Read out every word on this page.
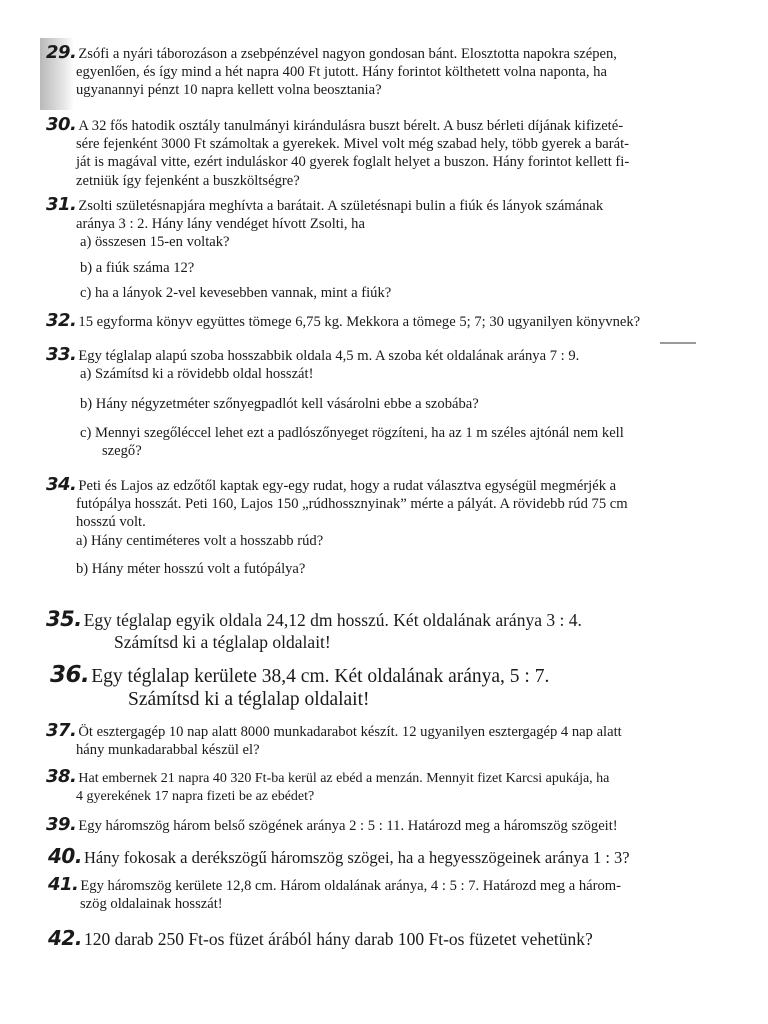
29. Zsófi a nyári táborozáson a zsebpénzével nagyon gondosan bánt. Elosztotta napokra szépen,
egyenlően, és így mind a hét napra 400 Ft jutott. Hány forintot költhetett volna naponta, ha
ugyanannyi pénzt 10 napra kellett volna beosztania?
30. A 32 fős hatodik osztály tanulmányi kirándulásra buszt bérelt. A busz bérleti díjának kifizeté-
sére fejenként 3000 Ft számoltak a gyerekek. Mivel volt még szabad hely, több gyerek a barát-
ját is magával vitte, ezért induláskor 40 gyerek foglalt helyet a buszon. Hány forintot kellett fi-
zetniük így fejenként a buszköltségre?
31. Zsolti születésnapjára meghívta a barátait. A születésnapi bulin a fiúk és lányok számának
aránya 3 : 2. Hány lány vendéget hívott Zsolti, ha
a) összesen 15-en voltak?
b) a fiúk száma 12?
c) ha a lányok 2-vel kevesebben vannak, mint a fiúk?
32. 15 egyforma könyv együttes tömege 6,75 kg. Mekkora a tömege 5; 7; 30 ugyanilyen könyvnek?
33. Egy téglalap alapú szoba hosszabbik oldala 4,5 m. A szoba két oldalának aránya 7 : 9.
a) Számítsd ki a rövidebb oldal hosszát!
b) Hány négyzetméter szőnyegpadlót kell vásárolni ebbe a szobába?
c) Mennyi szegőléccel lehet ezt a padlószőnyeget rögzíteni, ha az 1 m széles ajtónál nem kell
szegő?
34. Peti és Lajos az edzőtől kaptak egy-egy rudat, hogy a rudat választva egységül megmérjék a
futópálya hosszát. Peti 160, Lajos 150 „rúdhossznyinak” mérte a pályát. A rövidebb rúd 75 cm
hosszú volt.
a) Hány centiméteres volt a hosszabb rúd?
b) Hány méter hosszú volt a futópálya?
35. Egy téglalap egyik oldala 24,12 dm hosszú. Két oldalának aránya 3 : 4.
Számítsd ki a téglalap oldalait!
36. Egy téglalap kerülete 38,4 cm. Két oldalának aránya, 5 : 7.
Számítsd ki a téglalap oldalait!
37. Öt esztergagép 10 nap alatt 8000 munkadarabot készít. 12 ugyanilyen esztergagép 4 nap alatt
hány munkadarabbal készül el?
38. Hat embernek 21 napra 40 320 Ft-ba kerül az ebéd a menzán. Mennyit fizet Karcsi apukája, ha
4 gyerekének 17 napra fizeti be az ebédet?
39. Egy háromszög három belső szögének aránya 2 : 5 : 11. Határozd meg a háromszög szögeit!
40. Hány fokosak a derékszögű háromszög szögei, ha a hegyesszögeinek aránya 1 : 3?
41. Egy háromszög kerülete 12,8 cm. Három oldalának aránya, 4 : 5 : 7. Határozd meg a három-
szög oldalainak hosszát!
42. 120 darab 250 Ft-os füzet árából hány darab 100 Ft-os füzetet vehetünk?
